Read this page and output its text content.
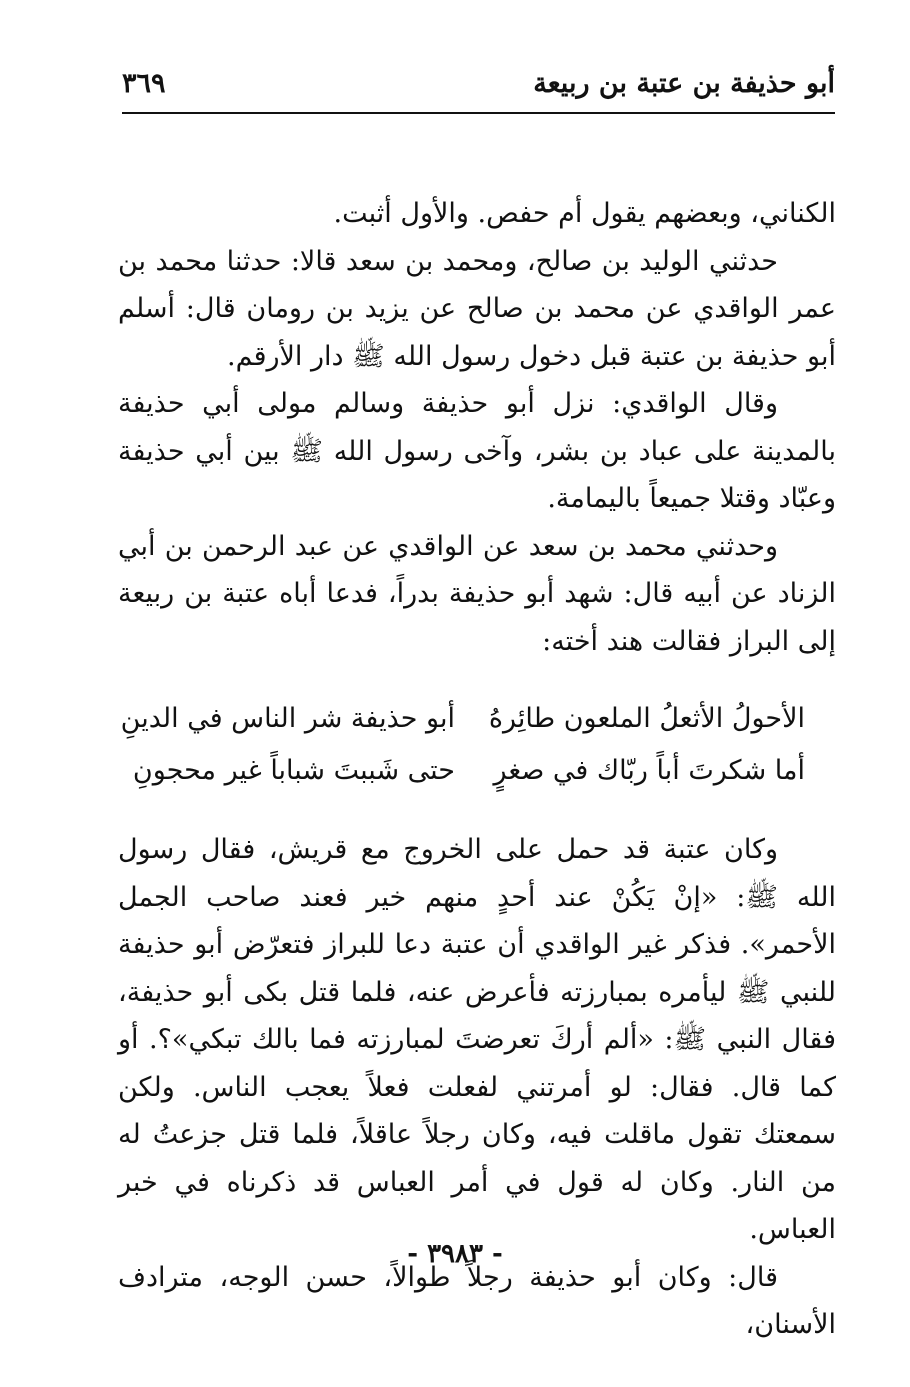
أبو حذيفة بن عتبة بن ربيعة
٣٦٩

الكناني، وبعضهم يقول أم حفص. والأول أثبت.

حدثني الوليد بن صالح، ومحمد بن سعد قالا: حدثنا محمد بن عمر الواقدي عن محمد بن صالح عن يزيد بن رومان قال: أسلم أبو حذيفة بن عتبة قبل دخول رسول الله ﷺ دار الأرقم.

وقال الواقدي: نزل أبو حذيفة وسالم مولى أبي حذيفة بالمدينة على عباد بن بشر، وآخى رسول الله ﷺ بين أبي حذيفة وعبّاد وقتلا جميعاً باليمامة.

وحدثني محمد بن سعد عن الواقدي عن عبد الرحمن بن أبي الزناد عن أبيه قال: شهد أبو حذيفة بدراً، فدعا أباه عتبة بن ربيعة إلى البراز فقالت هند أخته:

الأحولُ الأثعلُ الملعون طائِرهُ
أبو حذيفة شر الناس في الدينِ
أما شكرتَ أباً ربّاك في صغرٍ
حتى شَببتَ شباباً غير محجونِ

وكان عتبة قد حمل على الخروج مع قريش، فقال رسول الله ﷺ: «إنْ يَكُنْ عند أحدٍ منهم خير فعند صاحب الجمل الأحمر». فذكر غير الواقدي أن عتبة دعا للبراز فتعرّض أبو حذيفة للنبي ﷺ ليأمره بمبارزته فأعرض عنه، فلما قتل بكى أبو حذيفة، فقال النبي ﷺ: «ألم أركَ تعرضتَ لمبارزته فما بالك تبكي»؟. أو كما قال. فقال: لو أمرتني لفعلت فعلاً يعجب الناس. ولكن سمعتك تقول ماقلت فيه، وكان رجلاً عاقلاً، فلما قتل جزعتُ له من النار. وكان له قول في أمر العباس قد ذكرناه في خبر العباس.

قال: وكان أبو حذيفة رجلاً طوالاً، حسن الوجه، مترادف الأسنان،

- ٣٩٨٣ -
